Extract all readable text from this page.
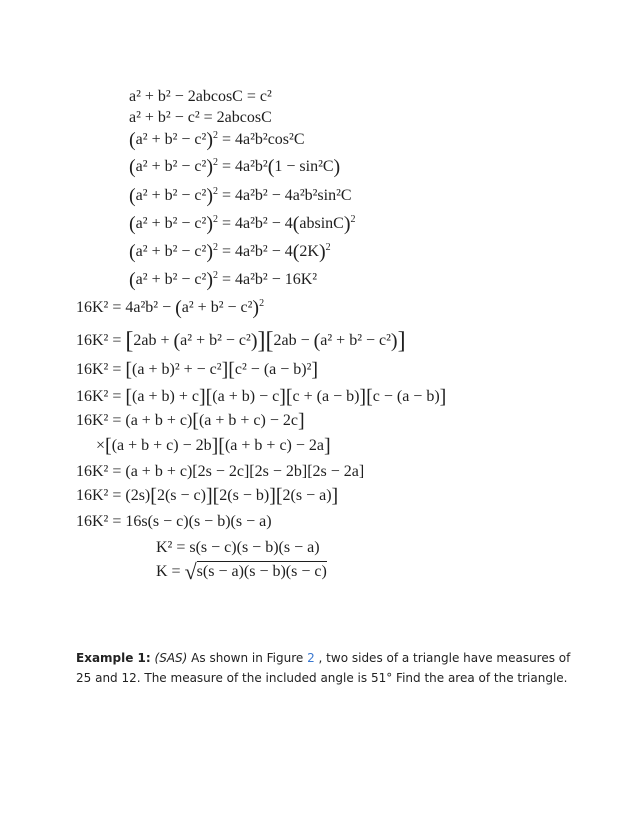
a² + b² − 2abcosC = c²
a² + b² − c² = 2abcosC
$(a^2 + b^2 - c^2)^2 = 4a^2b^2\cos^2C$
$(a^2 + b^2 - c^2)^2 = 4a^2b^2(1 - \sin^2C)$
$(a^2 + b^2 - c^2)^2 = 4a^2b^2 - 4a^2b^2\sin^2C$
$(a^2 + b^2 - c^2)^2 = 4a^2b^2 - 4(absinC)^2$
$(a^2 + b^2 - c^2)^2 = 4a^2b^2 - 4(2K)^2$
$(a^2 + b^2 - c^2)^2 = 4a^2b^2 - 16K^2$
$16K^2 = 4a^2b^2 - (a^2 + b^2 - c^2)^2$
16K² = [2ab + (a² + b² − c²)][2ab − (a² + b² − c²)]
16K² = [(a + b)² + − c²][c² − (a − b)²]
16K² = [(a + b) + c][(a + b) − c][c + (a − b)][c − (a − b)]
16K² = (a + b + c)[(a + b + c) − 2c]
×[(a + b + c) − 2b][(a + b + c) − 2a]
16K² = (a + b + c)[2s − 2c][2s − 2b][2s − 2a]
16K² = (2s)[2(s − c)][2(s − b)][2(s − a)]
16K² = 16s(s − c)(s − b)(s − a)
K² = s(s − c)(s − b)(s − a)
K = √s(s − a)(s − b)(s − c)
Example 1: (SAS) As shown in Figure 2 , two sides of a triangle have measures of 25 and 12. The measure of the included angle is 51° Find the area of the triangle.
